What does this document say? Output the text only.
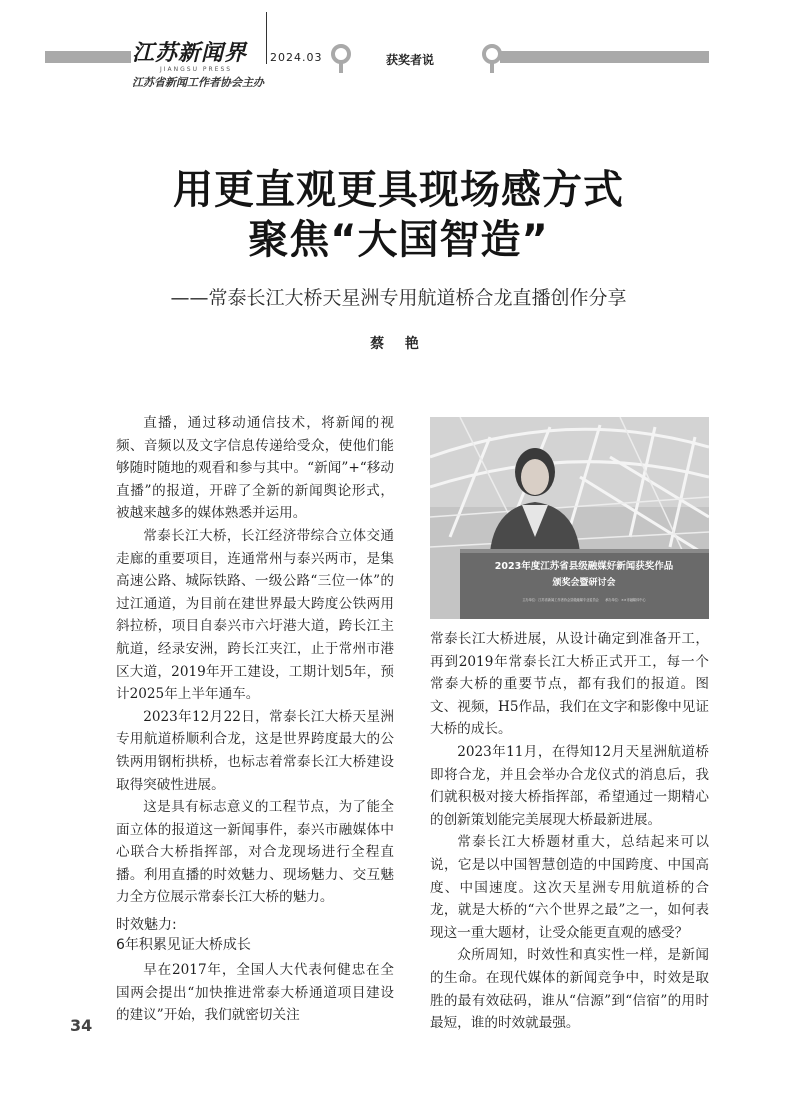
江苏新闻界
JIANGSU PRESS
江苏省新闻工作者协会主办
2024.03	获奖者说
用更直观更具现场感方式
聚焦“大国智造”
——常泰长江大桥天星洲专用航道桥合龙直播创作分享
蔡 艳

直播，通过移动通信技术，将新闻的视频、音频以及文字信息传递给受众，使他们能够随时随地的观看和参与其中。“新闻”+“移动直播”的报道，开辟了全新的新闻舆论形式，被越来越多的媒体熟悉并运用。

常泰长江大桥，长江经济带综合立体交通走廊的重要项目，连通常州与泰兴两市，是集高速公路、城际铁路、一级公路“三位一体”的过江通道，为目前在建世界最大跨度公铁两用斜拉桥，项目自泰兴市六圩港大道，跨长江主航道，经录安洲，跨长江夹江，止于常州市港区大道，2019年开工建设，工期计划5年，预计2025年上半年通车。

2023年12月22日，常泰长江大桥天星洲专用航道桥顺利合龙，这是世界跨度最大的公铁两用钢桁拱桥，也标志着常泰长江大桥建设取得突破性进展。

这是具有标志意义的工程节点，为了能全面立体的报道这一新闻事件，泰兴市融媒体中心联合大桥指挥部，对合龙现场进行全程直播。利用直播的时效魅力、现场魅力、交互魅力全方位展示常泰长江大桥的魅力。

时效魅力:
6年积累见证大桥成长

早在2017年，全国人大代表何健忠在全国两会提出“加快推进常泰大桥通道项目建设的建议”开始，我们就密切关注

2023年度江苏省县级融媒好新闻获奖作品
颁奖会暨研讨会
主办单位：江苏省新闻工作者协会县级融媒专业委员会　　承办单位：××市融媒体中心

常泰长江大桥进展，从设计确定到准备开工，再到2019年常泰长江大桥正式开工，每一个常泰大桥的重要节点，都有我们的报道。图文、视频，H5作品，我们在文字和影像中见证大桥的成长。

2023年11月，在得知12月天星洲航道桥即将合龙，并且会举办合龙仪式的消息后，我们就积极对接大桥指挥部，希望通过一期精心的创新策划能完美展现大桥最新进展。

常泰长江大桥题材重大，总结起来可以说，它是以中国智慧创造的中国跨度、中国高度、中国速度。这次天星洲专用航道桥的合龙，就是大桥的“六个世界之最”之一，如何表现这一重大题材，让受众能更直观的感受？

众所周知，时效性和真实性一样，是新闻的生命。在现代媒体的新闻竞争中，时效是取胜的最有效砝码，谁从“信源”到“信宿”的用时最短，谁的时效就最强。

34
